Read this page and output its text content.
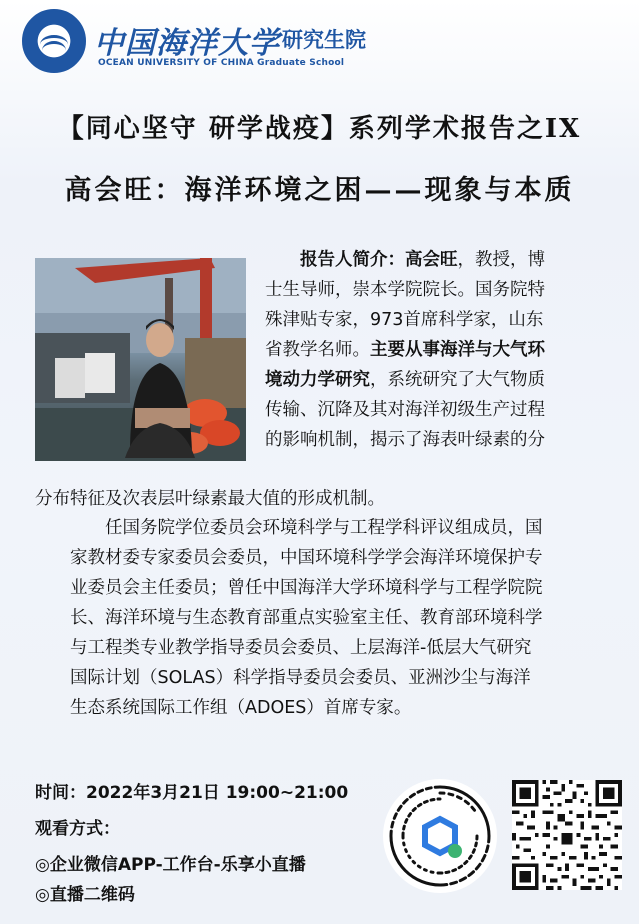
中国海洋大学 研究生院
OCEAN UNIVERSITY OF CHINA Graduate School
【同心坚守 研学战疫】系列学术报告之IX
高会旺：海洋环境之困——现象与本质
报告人简介：高会旺，教授，博
士生导师，崇本学院院长。国务院特
殊津贴专家，973首席科学家，山东
省教学名师。主要从事海洋与大气环
境动力学研究，系统研究了大气物质
传输、沉降及其对海洋初级生产过程
的影响机制，揭示了海表叶绿素的分
分布特征及次表层叶绿素最大值的形成机制。
任国务院学位委员会环境科学与工程学科评议组成员，国
家教材委专家委员会委员，中国环境科学学会海洋环境保护专
业委员会主任委员；曾任中国海洋大学环境科学与工程学院院
长、海洋环境与生态教育部重点实验室主任、教育部环境科学
与工程类专业教学指导委员会委员、上层海洋-低层大气研究
国际计划（SOLAS）科学指导委员会委员、亚洲沙尘与海洋
生态系统国际工作组（ADOES）首席专家。
时间：2022年3月21日 19:00~21:00
观看方式：
◎企业微信APP-工作台-乐享小直播
◎直播二维码
